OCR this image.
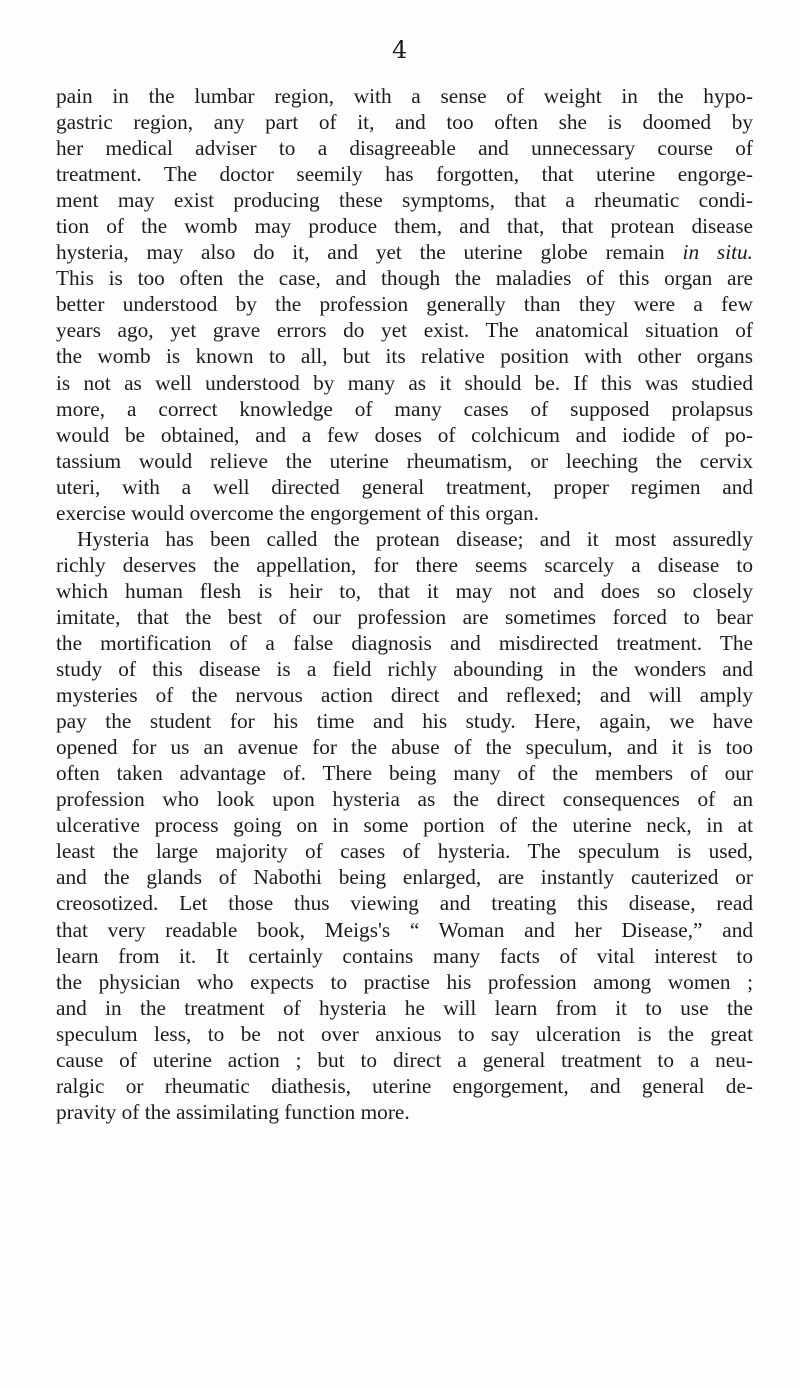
4
pain in the lumbar region, with a sense of weight in the hypo-
gastric region, any part of it, and too often she is doomed by
her medical adviser to a disagreeable and unnecessary course of
treatment. The doctor seemily has forgotten, that uterine engorge-
ment may exist producing these symptoms, that a rheumatic condi-
tion of the womb may produce them, and that, that protean disease
hysteria, may also do it, and yet the uterine globe remain in situ.
This is too often the case, and though the maladies of this organ are
better understood by the profession generally than they were a few
years ago, yet grave errors do yet exist. The anatomical situation of
the womb is known to all, but its relative position with other organs
is not as well understood by many as it should be. If this was studied
more, a correct knowledge of many cases of supposed prolapsus
would be obtained, and a few doses of colchicum and iodide of po-
tassium would relieve the uterine rheumatism, or leeching the cervix
uteri, with a well directed general treatment, proper regimen and
exercise would overcome the engorgement of this organ.
Hysteria has been called the protean disease; and it most assuredly
richly deserves the appellation, for there seems scarcely a disease to
which human flesh is heir to, that it may not and does so closely
imitate, that the best of our profession are sometimes forced to bear
the mortification of a false diagnosis and misdirected treatment. The
study of this disease is a field richly abounding in the wonders and
mysteries of the nervous action direct and reflexed; and will amply
pay the student for his time and his study. Here, again, we have
opened for us an avenue for the abuse of the speculum, and it is too
often taken advantage of. There being many of the members of our
profession who look upon hysteria as the direct consequences of an
ulcerative process going on in some portion of the uterine neck, in at
least the large majority of cases of hysteria. The speculum is used,
and the glands of Nabothi being enlarged, are instantly cauterized or
creosotized. Let those thus viewing and treating this disease, read
that very readable book, Meigs's “ Woman and her Disease,” and
learn from it. It certainly contains many facts of vital interest to
the physician who expects to practise his profession among women ;
and in the treatment of hysteria he will learn from it to use the
speculum less, to be not over anxious to say ulceration is the great
cause of uterine action ; but to direct a general treatment to a neu-
ralgic or rheumatic diathesis, uterine engorgement, and general de-
pravity of the assimilating function more.
